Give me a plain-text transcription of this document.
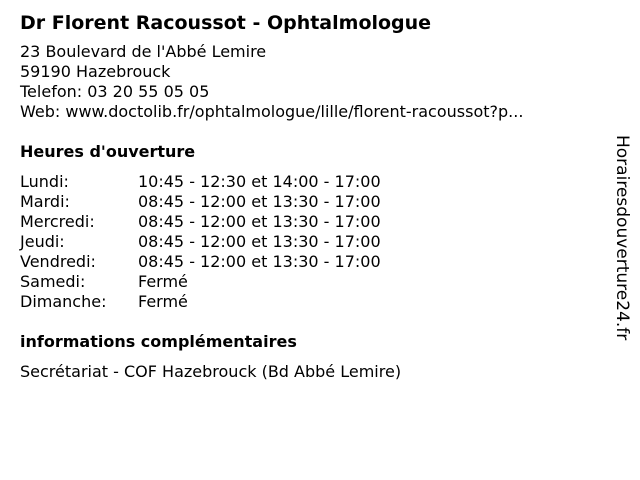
Dr Florent Racoussot - Ophtalmologue
23 Boulevard de l'Abbé Lemire
59190 Hazebrouck
Telefon: 03 20 55 05 05
Web: www.doctolib.fr/ophtalmologue/lille/florent-racoussot?p...
Heures d'ouverture
Lundi:	10:45 - 12:30 et 14:00 - 17:00
Mardi:	08:45 - 12:00 et 13:30 - 17:00
Mercredi:	08:45 - 12:00 et 13:30 - 17:00
Jeudi:	08:45 - 12:00 et 13:30 - 17:00
Vendredi:	08:45 - 12:00 et 13:30 - 17:00
Samedi:	Fermé
Dimanche:	Fermé
informations complémentaires
Secrétariat - COF Hazebrouck (Bd Abbé Lemire)
Horairesdouverture24.fr
